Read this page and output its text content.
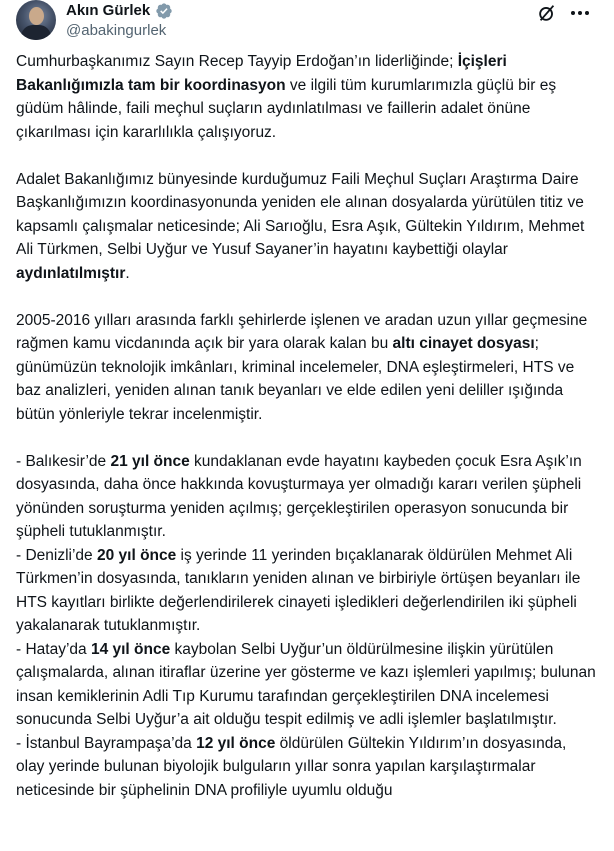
Akın Gürlek
@abakingurlek

Cumhurbaşkanımız Sayın Recep Tayyip Erdoğan’ın liderliğinde; İçişleri Bakanlığımızla tam bir koordinasyon ve ilgili tüm kurumlarımızla güçlü bir eş güdüm hâlinde, faili meçhul suçların aydınlatılması ve faillerin adalet önüne çıkarılması için kararlılıkla çalışıyoruz.

Adalet Bakanlığımız bünyesinde kurduğumuz Faili Meçhul Suçları Araştırma Daire Başkanlığımızın koordinasyonunda yeniden ele alınan dosyalarda yürütülen titiz ve kapsamlı çalışmalar neticesinde; Ali Sarıoğlu, Esra Aşık, Gültekin Yıldırım, Mehmet Ali Türkmen, Selbi Uyğur ve Yusuf Sayaner’in hayatını kaybettiği olaylar aydınlatılmıştır.

2005-2016 yılları arasında farklı şehirlerde işlenen ve aradan uzun yıllar geçmesine rağmen kamu vicdanında açık bir yara olarak kalan bu altı cinayet dosyası; günümüzün teknolojik imkânları, kriminal incelemeler, DNA eşleştirmeleri, HTS ve baz analizleri, yeniden alınan tanık beyanları ve elde edilen yeni deliller ışığında bütün yönleriyle tekrar incelenmiştir.

- Balıkesir’de 21 yıl önce kundaklanan evde hayatını kaybeden çocuk Esra Aşık’ın dosyasında, daha önce hakkında kovuşturmaya yer olmadığı kararı verilen şüpheli yönünden soruşturma yeniden açılmış; gerçekleştirilen operasyon sonucunda bir şüpheli tutuklanmıştır.

- Denizli’de 20 yıl önce iş yerinde 11 yerinden bıçaklanarak öldürülen Mehmet Ali Türkmen’in dosyasında, tanıkların yeniden alınan ve birbiriyle örtüşen beyanları ile HTS kayıtları birlikte değerlendirilerek cinayeti işledikleri değerlendirilen iki şüpheli yakalanarak tutuklanmıştır.

- Hatay’da 14 yıl önce kaybolan Selbi Uyğur’un öldürülmesine ilişkin yürütülen çalışmalarda, alınan itiraflar üzerine yer gösterme ve kazı işlemleri yapılmış; bulunan insan kemiklerinin Adli Tıp Kurumu tarafından gerçekleştirilen DNA incelemesi sonucunda Selbi Uyğur’a ait olduğu tespit edilmiş ve adli işlemler başlatılmıştır.

- İstanbul Bayrampaşa’da 12 yıl önce öldürülen Gültekin Yıldırım’ın dosyasında, olay yerinde bulunan biyolojik bulguların yıllar sonra yapılan karşılaştırmalar neticesinde bir şüphelinin DNA profiliyle uyumlu olduğu
